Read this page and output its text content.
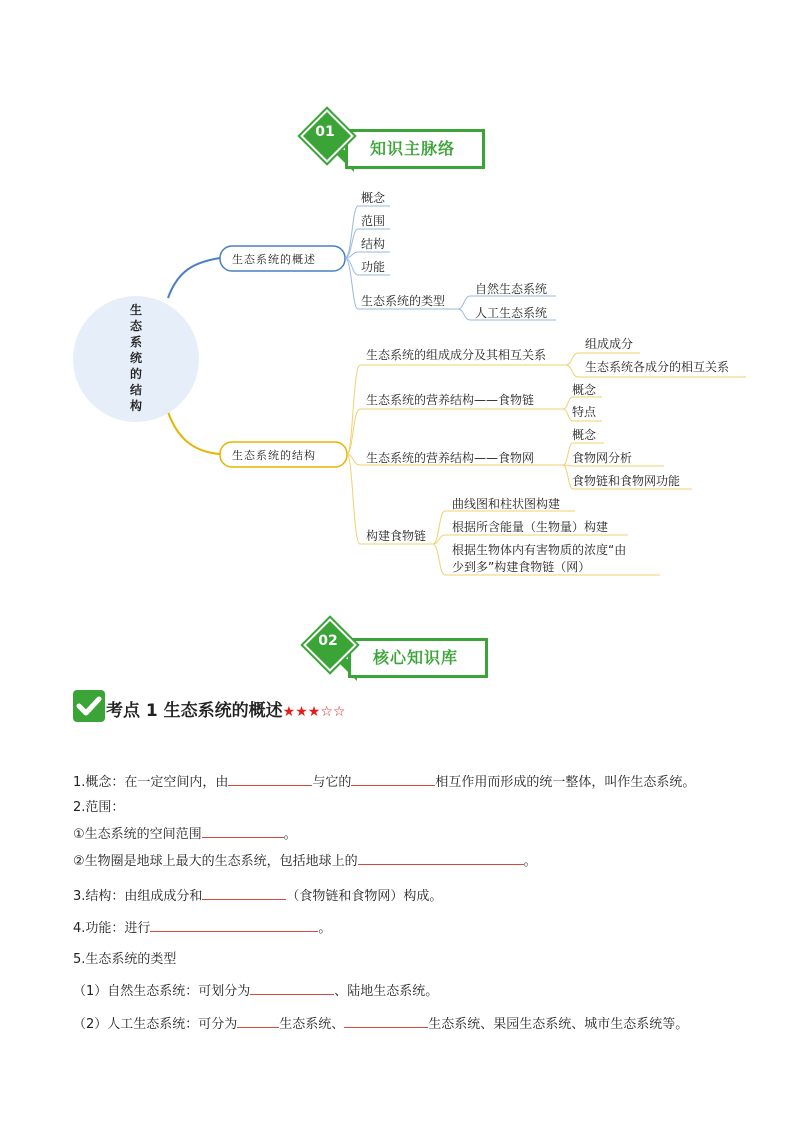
知识主脉络
01
生态系统的结构
生态系统的概述
概念
范围
结构
功能
生态系统的类型
自然生态系统
人工生态系统
生态系统的结构
生态系统的组成成分及其相互关系
组成成分
生态系统各成分的相互关系
生态系统的营养结构——食物链
概念
特点
生态系统的营养结构——食物网
概念
食物网分析
食物链和食物网功能
构建食物链
曲线图和柱状图构建
根据所含能量（生物量）构建
根据生物体内有害物质的浓度“由
少到多”构建食物链（网）
核心知识库
02
考点 1 生态系统的概述★★★☆☆
1.概念：在一定空间内，由	与它的	相互作用而形成的统一整体，叫作生态系统。
2.范围：
①生态系统的空间范围	。
②生物圈是地球上最大的生态系统，包括地球上的	。
3.结构：由组成成分和	（食物链和食物网）构成。
4.功能：进行	。
5.生态系统的类型
（1）自然生态系统：可划分为	、陆地生态系统。
（2）人工生态系统：可分为	生态系统、	生态系统、果园生态系统、城市生态系统等。
